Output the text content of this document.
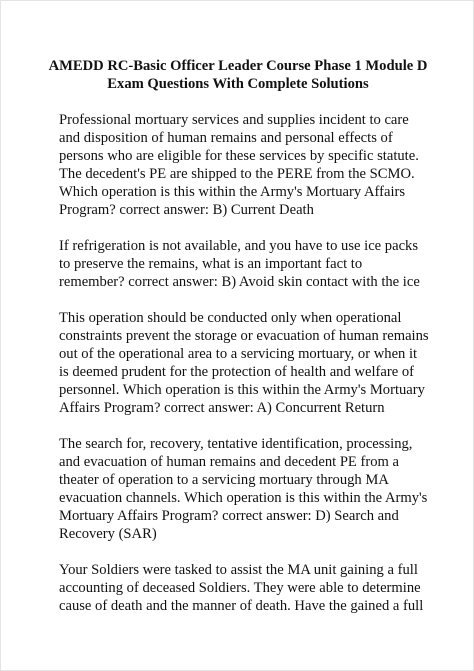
AMEDD RC-Basic Officer Leader Course Phase 1 Module D Exam Questions With Complete Solutions

Professional mortuary services and supplies incident to care and disposition of human remains and personal effects of persons who are eligible for these services by specific statute. The decedent's PE are shipped to the PERE from the SCMO. Which operation is this within the Army's Mortuary Affairs Program? correct answer: B) Current Death

If refrigeration is not available, and you have to use ice packs to preserve the remains, what is an important fact to remember? correct answer: B) Avoid skin contact with the ice

This operation should be conducted only when operational constraints prevent the storage or evacuation of human remains out of the operational area to a servicing mortuary, or when it is deemed prudent for the protection of health and welfare of personnel. Which operation is this within the Army's Mortuary Affairs Program? correct answer: A) Concurrent Return

The search for, recovery, tentative identification, processing, and evacuation of human remains and decedent PE from a theater of operation to a servicing mortuary through MA evacuation channels. Which operation is this within the Army's Mortuary Affairs Program? correct answer: D) Search and Recovery (SAR)

Your Soldiers were tasked to assist the MA unit gaining a full accounting of deceased Soldiers. They were able to determine cause of death and the manner of death. Have the gained a full
